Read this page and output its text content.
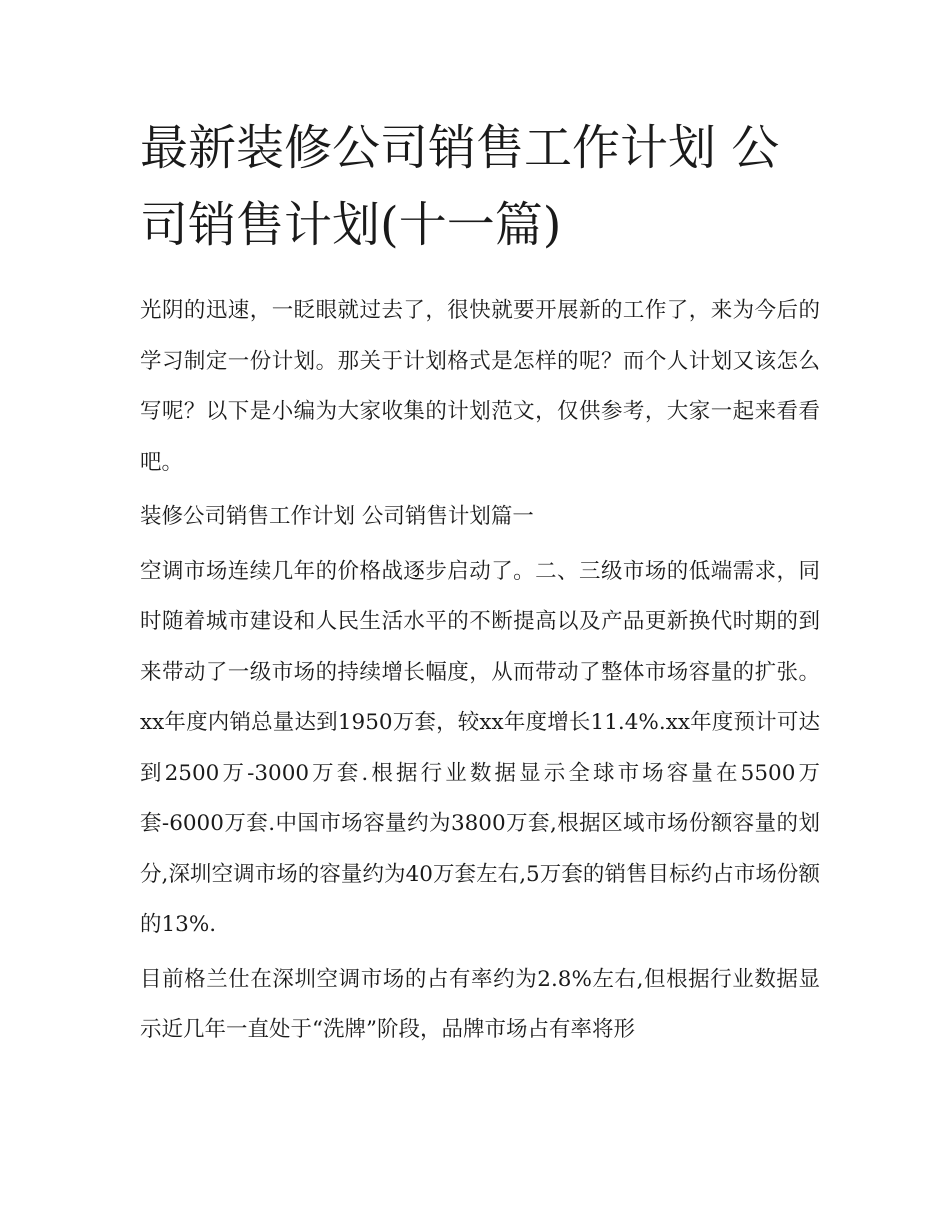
最新装修公司销售工作计划 公司销售计划(十一篇)

光阴的迅速，一眨眼就过去了，很快就要开展新的工作了，来为今后的学习制定一份计划。那关于计划格式是怎样的呢？而个人计划又该怎么写呢？以下是小编为大家收集的计划范文，仅供参考，大家一起来看看吧。

装修公司销售工作计划 公司销售计划篇一

空调市场连续几年的价格战逐步启动了。二、三级市场的低端需求，同时随着城市建设和人民生活水平的不断提高以及产品更新换代时期的到来带动了一级市场的持续增长幅度，从而带动了整体市场容量的扩张。xx年度内销总量达到1950万套，较xx年度增长11.4%.xx年度预计可达到2500万-3000万套.根据行业数据显示全球市场容量在5500万套-6000万套.中国市场容量约为3800万套,根据区域市场份额容量的划分,深圳空调市场的容量约为40万套左右,5万套的销售目标约占市场份额的13%.

目前格兰仕在深圳空调市场的占有率约为2.8%左右,但根据行业数据显示近几年一直处于“洗牌”阶段，品牌市场占有率将形
